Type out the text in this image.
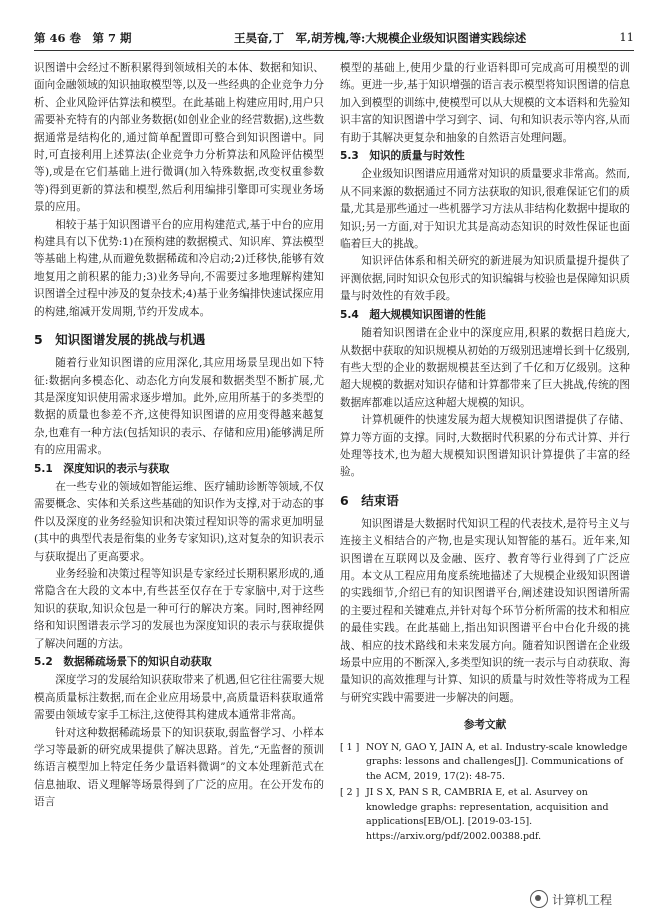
第 46 卷　第 7 期	王昊奋,丁　军,胡芳槐,等:大规模企业级知识图谱实践综述	11

识图谱中会经过不断积累得到领域相关的本体、数据和知识、面向金融领域的知识抽取模型等,以及一些经典的企业竞争力分析、企业风险评估算法和模型。在此基础上构建应用时,用户只需要补充特有的内部业务数据(如创业企业的经营数据),这些数据通常是结构化的,通过简单配置即可整合到知识图谱中。同时,可直接利用上述算法(企业竞争力分析算法和风险评估模型等),或是在它们基础上进行微调(加入特殊数据,改变权重参数等)得到更新的算法和模型,然后利用编排引擎即可实现业务场景的应用。

相较于基于知识图谱平台的应用构建范式,基于中台的应用构建具有以下优势:1)在预构建的数据模式、知识库、算法模型等基础上构建,从而避免数据稀疏和冷启动;2)迁移快,能够有效地复用之前积累的能力;3)业务导向,不需要过多地理解构建知识图谱全过程中涉及的复杂技术;4)基于业务编排快速试探应用的构建,缩减开发周期,节约开发成本。

5　知识图谱发展的挑战与机遇

随着行业知识图谱的应用深化,其应用场景呈现出如下特征:数据向多模态化、动态化方向发展和数据类型不断扩展,尤其是深度知识使用需求逐步增加。此外,应用所基于的多类型的数据的质量也参差不齐,这使得知识图谱的应用变得越来越复杂,也难有一种方法(包括知识的表示、存储和应用)能够满足所有的应用需求。

5.1　深度知识的表示与获取

在一些专业的领域如智能运维、医疗辅助诊断等领域,不仅需要概念、实体和关系这些基础的知识作为支撑,对于动态的事件以及深度的业务经验知识和决策过程知识等的需求更加明显(其中的典型代表是衔集的业务专家知识),这对复杂的知识表示与获取提出了更高要求。

业务经验和决策过程等知识是专家经过长期积累形成的,通常隐含在大段的文本中,有些甚至仅存在于专家脑中,对于这些知识的获取,知识众包是一种可行的解决方案。同时,图神经网络和知识图谱表示学习的发展也为深度知识的表示与获取提供了解决问题的方法。

5.2　数据稀疏场景下的知识自动获取

深度学习的发展给知识获取带来了机遇,但它往往需要大规模高质量标注数据,而在企业应用场景中,高质量语料获取通常需要由领域专家手工标注,这使得其构建成本通常非常高。

针对这种数据稀疏场景下的知识获取,弱监督学习、小样本学习等最新的研究成果提供了解决思路。首先,“无监督的预训练语言模型加上特定任务少量语料微调”的文本处理新范式在信息抽取、语义理解等场景得到了广泛的应用。在公开发布的语言

模型的基础上,使用少量的行业语料即可完成高可用模型的训练。更进一步,基于知识增强的语言表示模型将知识图谱的信息加入到模型的训练中,使模型可以从大规模的文本语料和先验知识丰富的知识图谱中学习到字、词、句和知识表示等内容,从而有助于其解决更复杂和抽象的自然语言处理问题。

5.3　知识的质量与时效性

企业级知识图谱应用通常对知识的质量要求非常高。然而,从不同来源的数据通过不同方法获取的知识,很难保证它们的质量,尤其是那些通过一些机器学习方法从非结构化数据中提取的知识;另一方面,对于知识尤其是高动态知识的时效性保证也面临着巨大的挑战。

知识评估体系和相关研究的新进展为知识质量提升提供了评测依据,同时知识众包形式的知识编辑与校验也是保障知识质量与时效性的有效手段。

5.4　超大规模知识图谱的性能

随着知识图谱在企业中的深度应用,积累的数据日趋庞大,从数据中获取的知识规模从初始的万级别迅速增长到十亿级别,有些大型的企业的数据规模甚至达到了千亿和万亿级别。这种超大规模的数据对知识存储和计算都带来了巨大挑战,传统的图数据库都难以适应这种超大规模的知识。

计算机硬件的快速发展为超大规模知识图谱提供了存储、算力等方面的支撑。同时,大数据时代积累的分布式计算、并行处理等技术,也为超大规模知识图谱知识计算提供了丰富的经验。

6　结束语

知识图谱是大数据时代知识工程的代表技术,是符号主义与连接主义相结合的产物,也是实现认知智能的基石。近年来,知识图谱在互联网以及金融、医疗、教育等行业得到了广泛应用。本文从工程应用角度系统地描述了大规模企业级知识图谱的实践细节,介绍已有的知识图谱平台,阐述建设知识图谱所需的主要过程和关键难点,并针对每个环节分析所需的技术和相应的最佳实践。在此基础上,指出知识图谱平台中台化升级的挑战、相应的技术路线和未来发展方向。随着知识图谱在企业级场景中应用的不断深入,多类型知识的统一表示与自动获取、海量知识的高效推理与计算、知识的质量与时效性等将成为工程与研究实践中需要进一步解决的问题。

参考文献
[ 1 ] NOY N, GAO Y, JAIN A, et al. Industry-scale knowledge graphs: lessons and challenges[J]. Communications of the ACM, 2019, 17(2): 48-75.
[ 2 ] JI S X, PAN S R, CAMBRIA E, et al. Asurvey on knowledge graphs: representation, acquisition and applications[EB/OL]. [2019-03-15]. https://arxiv.org/pdf/2002.00388.pdf.
计算机工程
